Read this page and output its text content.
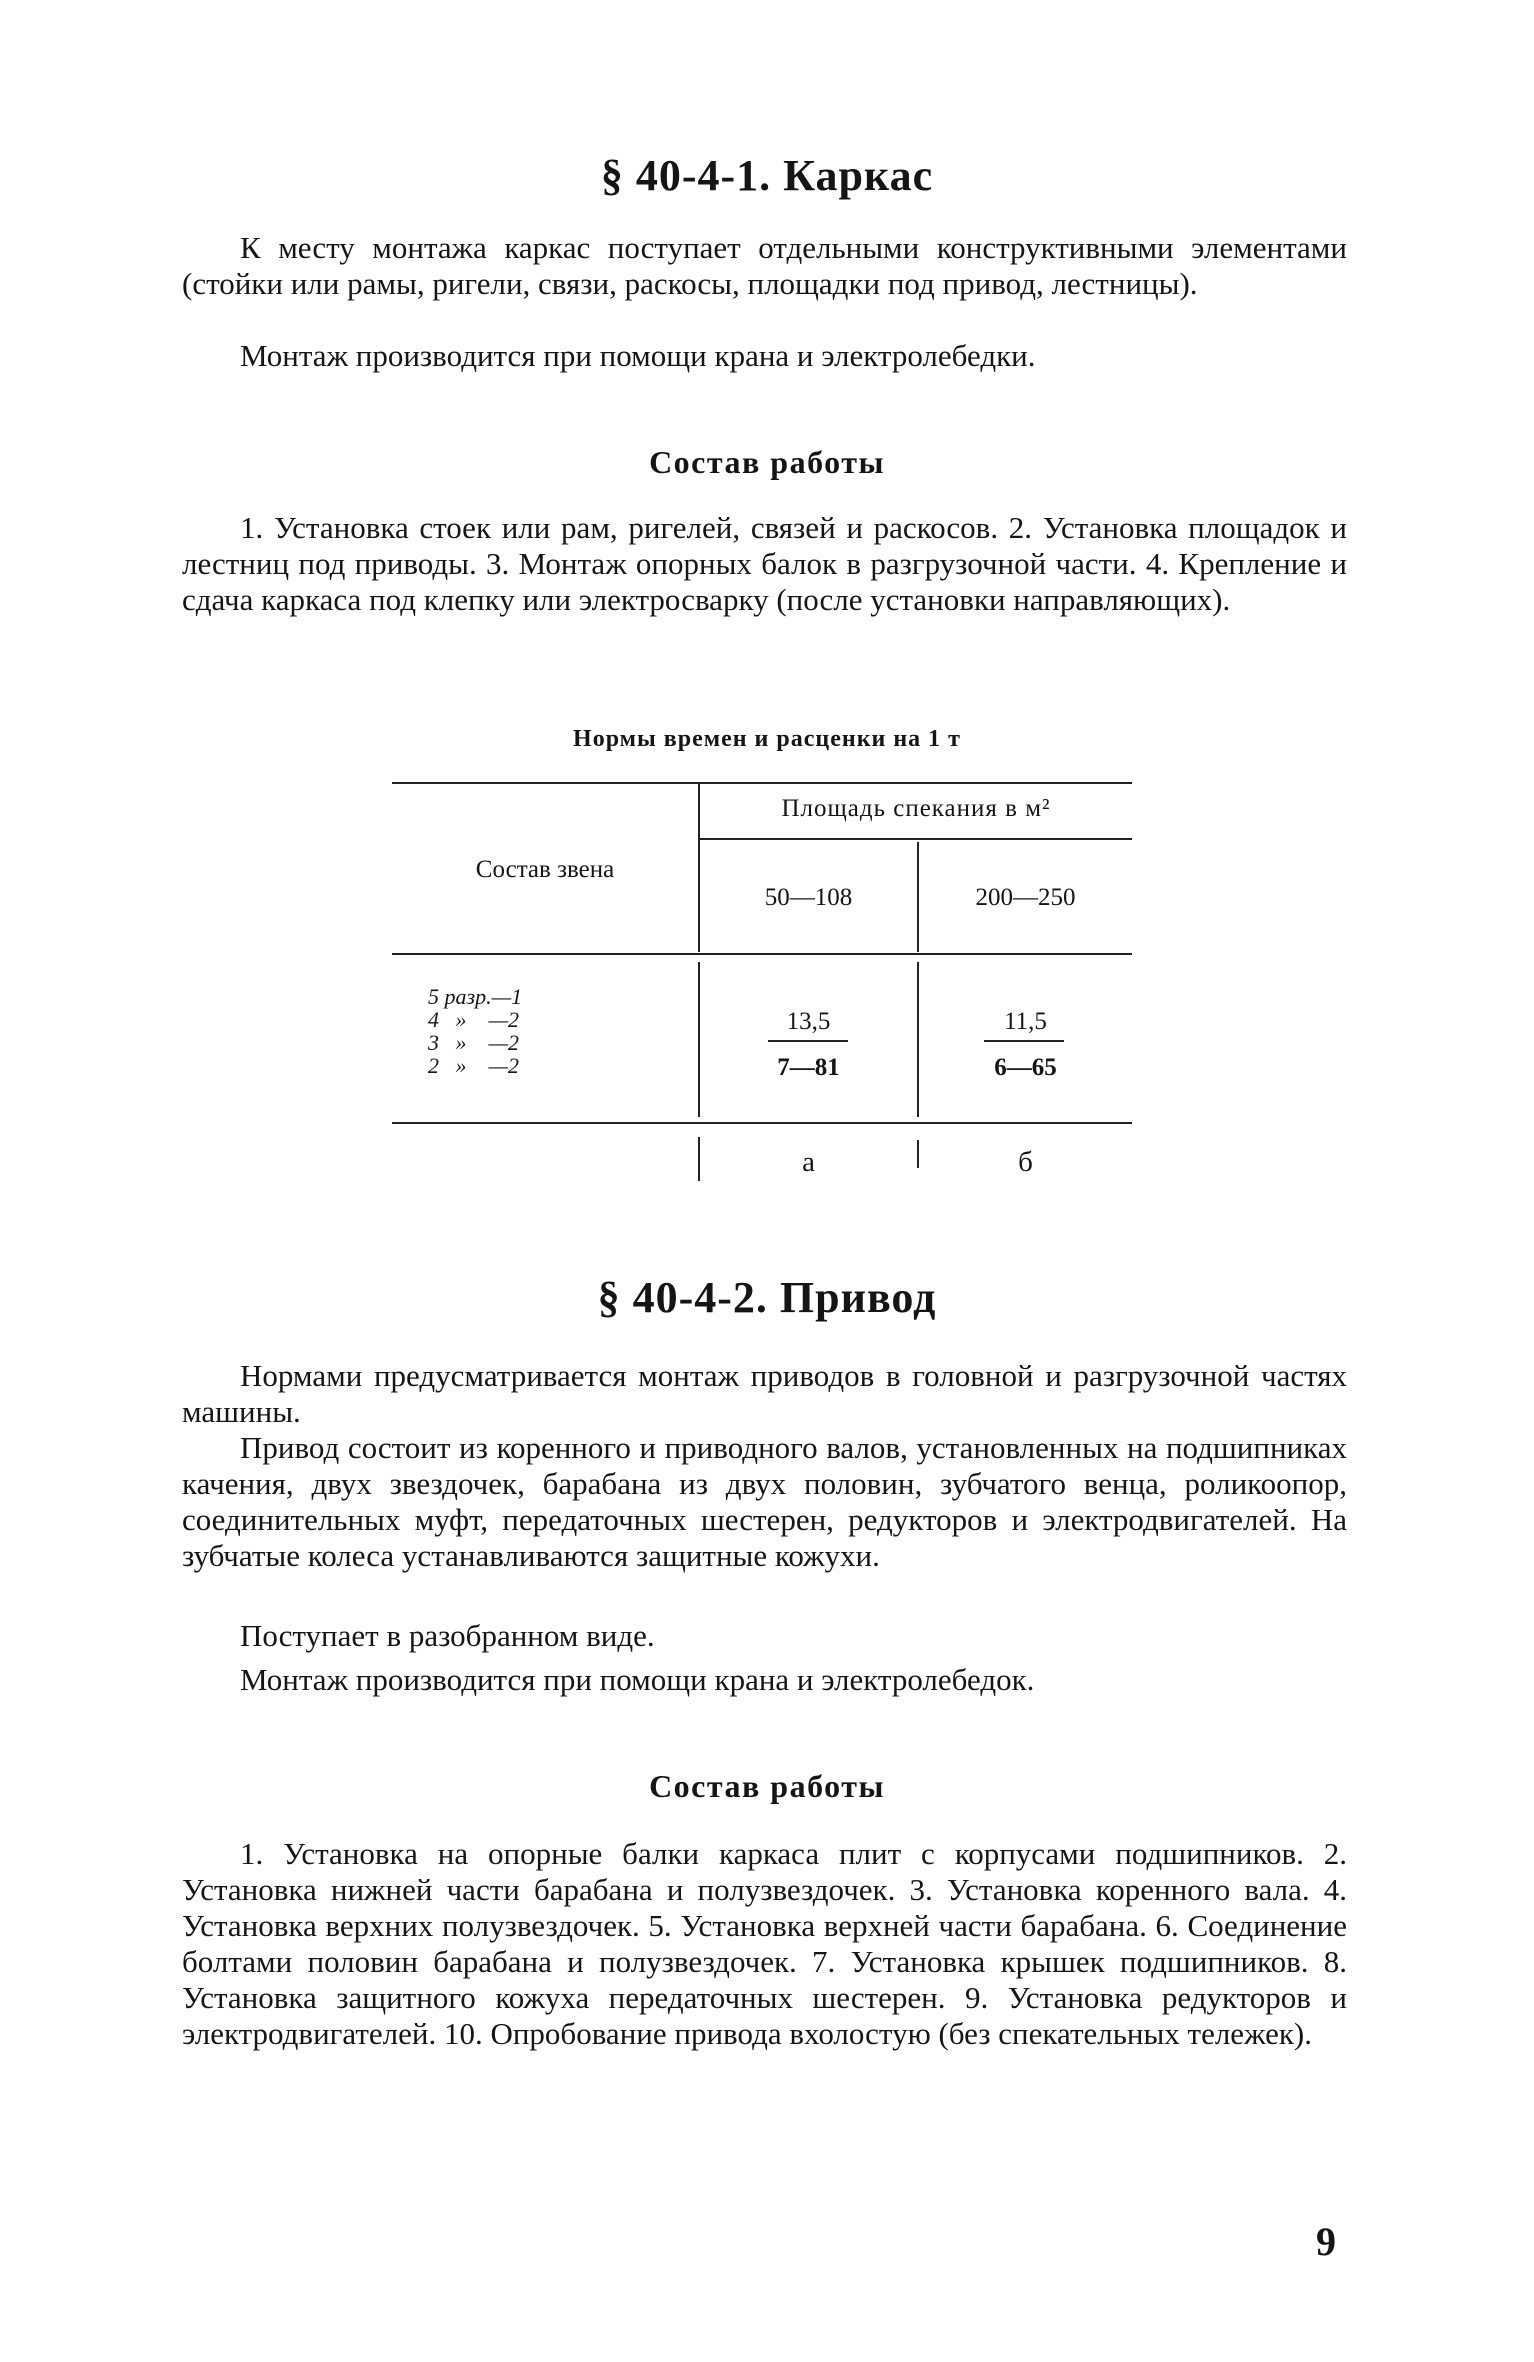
§ 40-4-1. Каркас

К месту монтажа каркас поступает отдельными конструктивными элементами (стойки или рамы, ригели, связи, раскосы, площадки под привод, лестницы).

Монтаж производится при помощи крана и электролебедки.

Состав работы

1. Установка стоек или рам, ригелей, связей и раскосов. 2. Установка площадок и лестниц под приводы. 3. Монтаж опорных балок в разгрузочной части. 4. Крепление и сдача каркаса под клепку или электросварку (после установки направляющих).

Нормы времен и расценки на 1 т
Состав звена
Площадь спекания в м²
50—108	200—250
5 разр.—1
4   »    —2
3   »    —2
2   »    —2
13,5
7—81
11,5
6—65
а	б
§ 40-4-2. Привод

Нормами предусматривается монтаж приводов в головной и разгрузочной частях машины.

Привод состоит из коренного и приводного валов, установленных на подшипниках качения, двух звездочек, барабана из двух половин, зубчатого венца, роликоопор, соединительных муфт, передаточных шестерен, редукторов и электродвигателей. На зубчатые колеса устанавливаются защитные кожухи.

Поступает в разобранном виде.

Монтаж производится при помощи крана и электролебедок.

Состав работы

1. Установка на опорные балки каркаса плит с корпусами подшипников. 2. Установка нижней части барабана и полузвездочек. 3. Установка коренного вала. 4. Установка верхних полузвездочек. 5. Установка верхней части барабана. 6. Соединение болтами половин барабана и полузвездочек. 7. Установка крышек подшипников. 8. Установка защитного кожуха передаточных шестерен. 9. Установка редукторов и электродвигателей. 10. Опробование привода вхолостую (без спекательных тележек).

9
